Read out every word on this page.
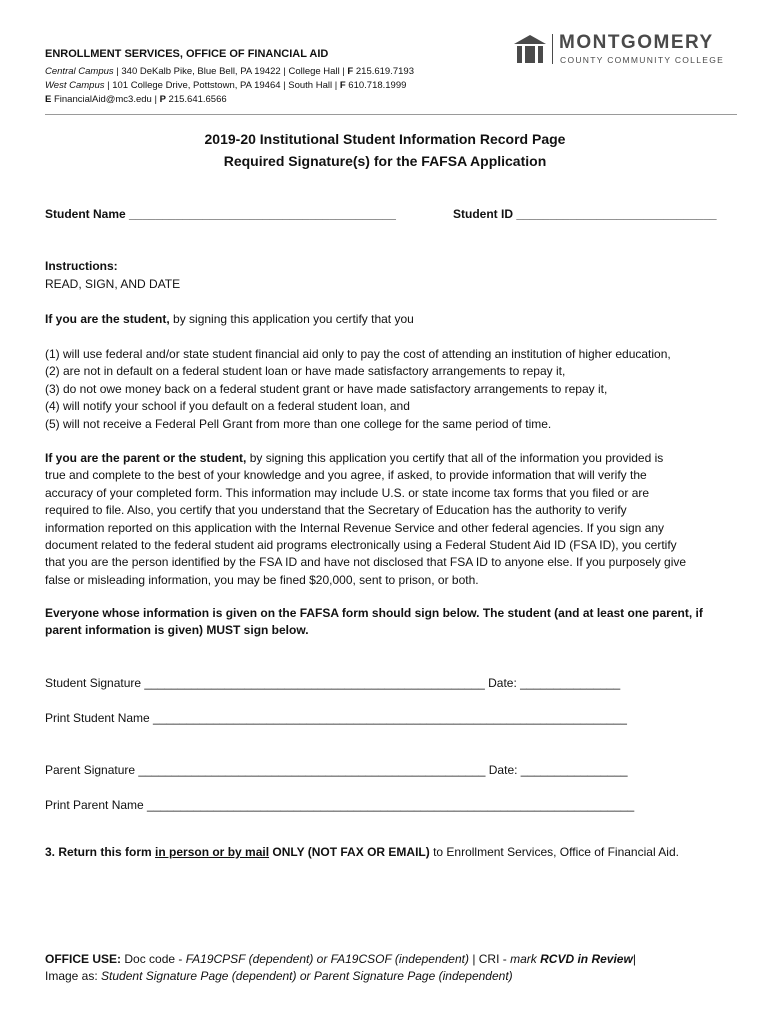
ENROLLMENT SERVICES, OFFICE OF FINANCIAL AID
Central Campus | 340 DeKalb Pike, Blue Bell, PA 19422 | College Hall | F 215.619.7193
West Campus | 101 College Drive, Pottstown, PA 19464 | South Hall | F 610.718.1999
E FinancialAid@mc3.edu | P 215.641.6566
MONTGOMERY
COUNTY COMMUNITY COLLEGE
2019-20 Institutional Student Information Record Page
Required Signature(s) for the FAFSA Application
Student Name ________________________________________	Student ID ______________________________
Instructions:
READ, SIGN, AND DATE
If you are the student, by signing this application you certify that you
(1) will use federal and/or state student financial aid only to pay the cost of attending an institution of higher education,
(2) are not in default on a federal student loan or have made satisfactory arrangements to repay it,
(3) do not owe money back on a federal student grant or have made satisfactory arrangements to repay it,
(4) will notify your school if you default on a federal student loan, and
(5) will not receive a Federal Pell Grant from more than one college for the same period of time.
If you are the parent or the student, by signing this application you certify that all of the information you provided is
true and complete to the best of your knowledge and you agree, if asked, to provide information that will verify the
accuracy of your completed form. This information may include U.S. or state income tax forms that you filed or are
required to file. Also, you certify that you understand that the Secretary of Education has the authority to verify
information reported on this application with the Internal Revenue Service and other federal agencies. If you sign any
document related to the federal student aid programs electronically using a Federal Student Aid ID (FSA ID), you certify
that you are the person identified by the FSA ID and have not disclosed that FSA ID to anyone else. If you purposely give
false or misleading information, you may be fined $20,000, sent to prison, or both.
Everyone whose information is given on the FAFSA form should sign below. The student (and at least one parent, if
parent information is given) MUST sign below.
Student Signature ___________________________________________________ Date: _______________
Print Student Name _______________________________________________________________________
Parent Signature ____________________________________________________ Date: ________________
Print Parent Name _________________________________________________________________________
3. Return this form in person or by mail ONLY (NOT FAX OR EMAIL) to Enrollment Services, Office of Financial Aid.
OFFICE USE: Doc code - FA19CPSF (dependent) or FA19CSOF (independent) | CRI - mark RCVD in Review|
Image as: Student Signature Page (dependent) or Parent Signature Page (independent)
